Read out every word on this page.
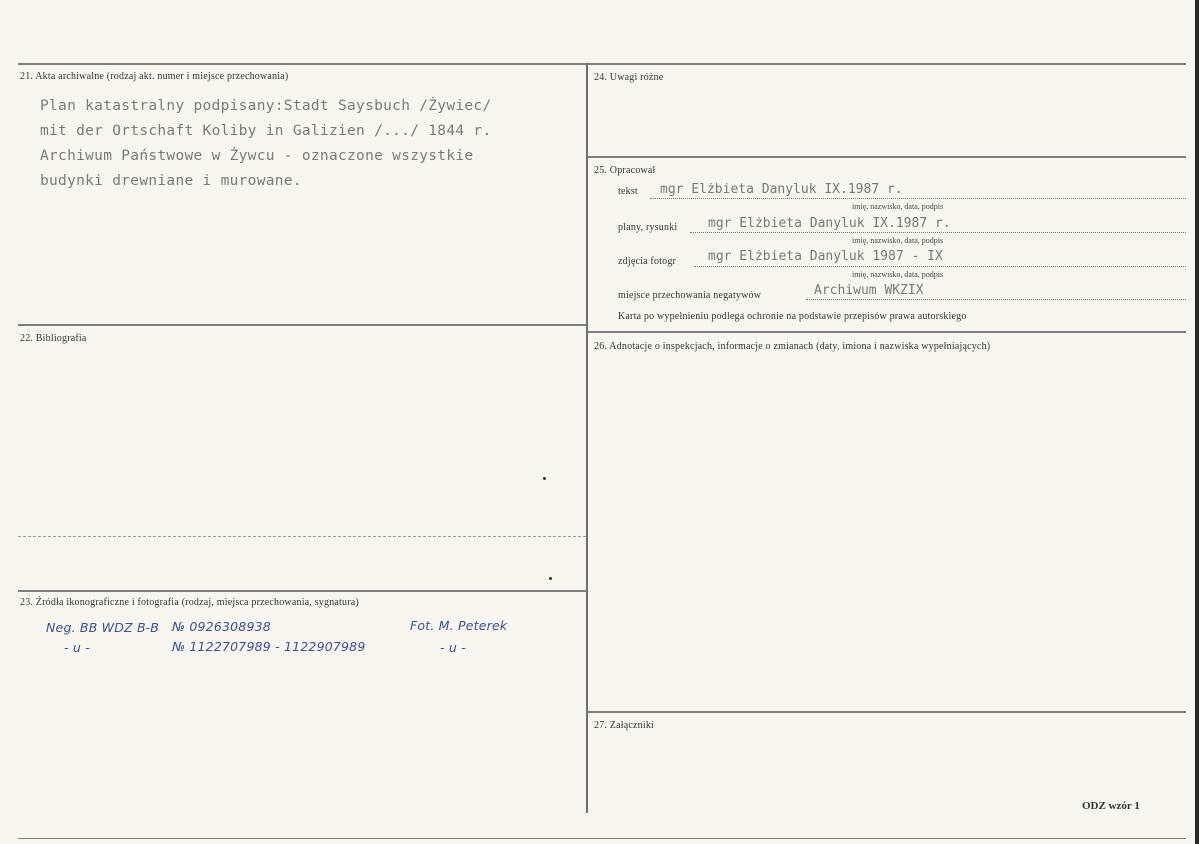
21. Akta archiwalne (rodzaj akt. numer i miejsce przechowania)
Plan katastralny podpisany:Stadt Saysbuch /Żywiec/
mit der Ortschaft Koliby in Galizien /.../ 1844 r.
Archiwum Państwowe w Żywcu - oznaczone wszystkie
budynki drewniane i murowane.
22. Bibliografia
23. Źródła ikonograficzne i fotografia (rodzaj, miejsca przechowania, sygnatura)
Neg. BB WDZ B-B № 0926308938	Fot. M. Peterek
- u -	№ 1122707989 - 1122907989	- u -
24. Uwagi różne
25. Opracował
tekst mgr Elżbieta Danyluk IX.1987 r.
imię, nazwisko, data, podpis
plany, rysunki mgr Elżbieta Danyluk IX.1987 r.
imię, nazwisko, data, podpis
zdjęcia fotogr mgr Elżbieta Danyluk 1987 - IX
imię, nazwisko, data, podpis
miejsce przechowania negatywów	Archiwum WKZIX
Karta po wypełnieniu podlega ochronie na podstawie przepisów prawa autorskiego
26. Adnotacje o inspekcjach, informacje o zmianach (daty, imiona i nazwiska wypełniających)
27. Załączniki
ODZ wzór 1
